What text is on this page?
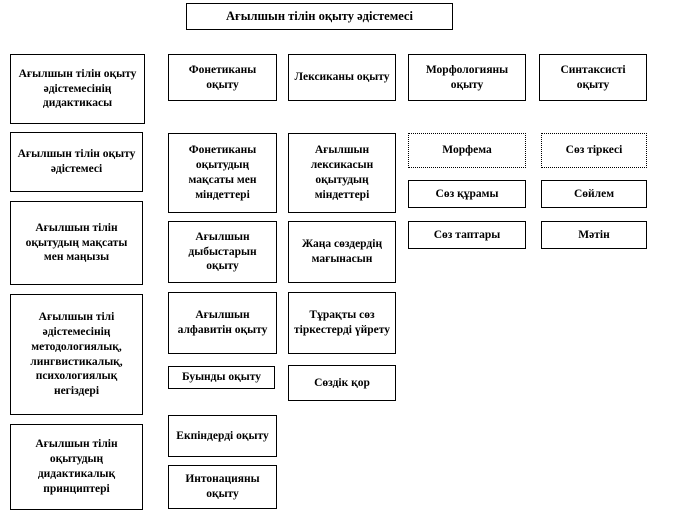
Ағылшын тілін оқыту әдістемесі
Ағылшын тілін оқыту әдістемесінің дидактикасы
Ағылшын тілін оқыту әдістемесі
Ағылшын тілін оқытудың мақсаты мен маңызы
Ағылшын тілі әдістемесінің методологиялық, лингвистикалық, психологиялық негіздері
Ағылшын тілін оқытудың дидактикалық принциптері
Фонетиканы оқыту
Фонетиканы оқытудың мақсаты мен міндеттері
Ағылшын дыбыстарын оқыту
Ағылшын алфавитін оқыту
Буынды оқыту
Екпіндерді оқыту
Интонацияны оқыту
Лексиканы оқыту
Ағылшын лексикасын оқытудың міндеттері
Жаңа сөздердің мағынасын
Тұрақты сөз тіркестерді үйрету
Сөздік қор
Морфологияны оқыту
Морфема
Сөз құрамы
Сөз таптары
Синтаксисті оқыту
Сөз тіркесі
Сөйлем
Мәтін
